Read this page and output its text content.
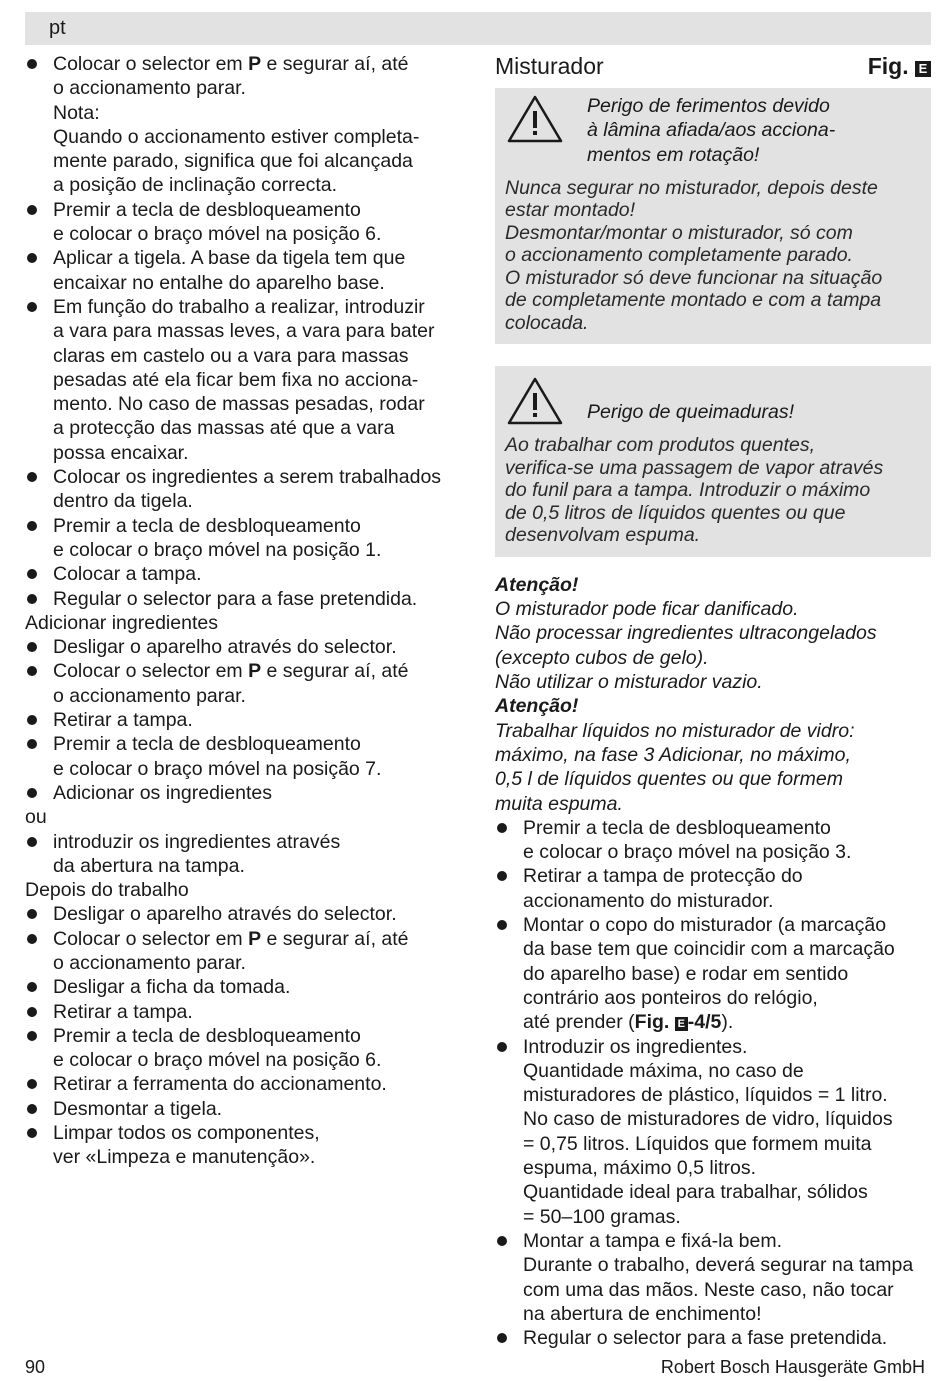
pt
Colocar o selector em P e segurar aí, até
o accionamento parar.
Nota:
Quando o accionamento estiver completa-
mente parado, significa que foi alcançada
a posição de inclinação correcta.
Premir a tecla de desbloqueamento
e colocar o braço móvel na posição 6.
Aplicar a tigela. A base da tigela tem que
encaixar no entalhe do aparelho base.
Em função do trabalho a realizar, introduzir
a vara para massas leves, a vara para bater
claras em castelo ou a vara para massas
pesadas até ela ficar bem fixa no acciona-
mento. No caso de massas pesadas, rodar
a protecção das massas até que a vara
possa encaixar.
Colocar os ingredientes a serem trabalhados
dentro da tigela.
Premir a tecla de desbloqueamento
e colocar o braço móvel na posição 1.
Colocar a tampa.
Regular o selector para a fase pretendida.
Adicionar ingredientes
Desligar o aparelho através do selector.
Colocar o selector em P e segurar aí, até
o accionamento parar.
Retirar a tampa.
Premir a tecla de desbloqueamento
e colocar o braço móvel na posição 7.
Adicionar os ingredientes
ou
introduzir os ingredientes através
da abertura na tampa.
Depois do trabalho
Desligar o aparelho através do selector.
Colocar o selector em P e segurar aí, até
o accionamento parar.
Desligar a ficha da tomada.
Retirar a tampa.
Premir a tecla de desbloqueamento
e colocar o braço móvel na posição 6.
Retirar a ferramenta do accionamento.
Desmontar a tigela.
Limpar todos os componentes,
ver «Limpeza e manutenção».
Misturador	Fig. E
Perigo de ferimentos devido
à lâmina afiada/aos acciona-
mentos em rotação!
Nunca segurar no misturador, depois deste
estar montado!
Desmontar/montar o misturador, só com
o accionamento completamente parado.
O misturador só deve funcionar na situação
de completamente montado e com a tampa
colocada.
Perigo de queimaduras!
Ao trabalhar com produtos quentes,
verifica-se uma passagem de vapor através
do funil para a tampa. Introduzir o máximo
de 0,5 litros de líquidos quentes ou que
desenvolvam espuma.
Atenção!
O misturador pode ficar danificado.
Não processar ingredientes ultracongelados
(excepto cubos de gelo).
Não utilizar o misturador vazio.
Atenção!
Trabalhar líquidos no misturador de vidro:
máximo, na fase 3 Adicionar, no máximo,
0,5 l de líquidos quentes ou que formem
muita espuma.
Premir a tecla de desbloqueamento
e colocar o braço móvel na posição 3.
Retirar a tampa de protecção do
accionamento do misturador.
Montar o copo do misturador (a marcação
da base tem que coincidir com a marcação
do aparelho base) e rodar em sentido
contrário aos ponteiros do relógio,
até prender (Fig. E -4/5).
Introduzir os ingredientes.
Quantidade máxima, no caso de
misturadores de plástico, líquidos = 1 litro.
No caso de misturadores de vidro, líquidos
= 0,75 litros. Líquidos que formem muita
espuma, máximo 0,5 litros.
Quantidade ideal para trabalhar, sólidos
= 50–100 gramas.
Montar a tampa e fixá-la bem.
Durante o trabalho, deverá segurar na tampa
com uma das mãos. Neste caso, não tocar
na abertura de enchimento!
Regular o selector para a fase pretendida.
90	Robert Bosch Hausgeräte GmbH
